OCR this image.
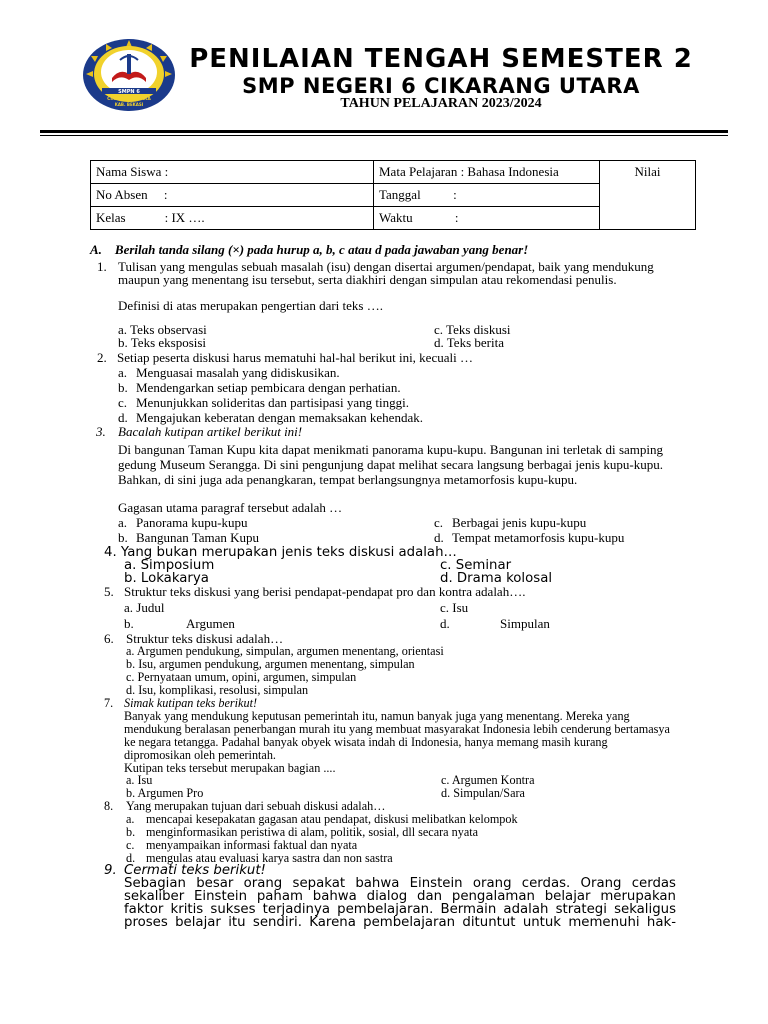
SMPN 6
CIKARANG UTARA
KAB. BEKASI
PENILAIAN TENGAH SEMESTER 2
SMP NEGERI 6 CIKARANG UTARA
TAHUN PELAJARAN 2023/2024
Nama Siswa :	Mata Pelajaran : Bahasa Indonesia	Nilai
No Absen     :	Tanggal          :	
Kelas            : IX ….	Waktu             :	
A.    Berilah tanda silang (×) pada hurup a, b, c atau d pada jawaban yang benar!
1. Tulisan yang mengulas sebuah masalah (isu) dengan disertai argumen/pendapat, baik yang mendukung maupun yang menentang isu tersebut, serta diakhiri dengan simpulan atau rekomendasi penulis.
Definisi di atas merupakan pengertian dari teks ….
a. Teks observasi
b. Teks eksposisi
c. Teks diskusi
d. Teks berita
2. Setiap peserta diskusi harus mematuhi hal-hal berikut ini, kecuali …
a. Menguasai masalah yang didiskusikan.
b. Mendengarkan setiap pembicara dengan perhatian.
c. Menunjukkan solideritas dan partisipasi yang tinggi.
d. Mengajukan keberatan dengan memaksakan kehendak.
3. Bacalah kutipan artikel berikut ini!
Di bangunan Taman Kupu kita dapat menikmati panorama kupu-kupu. Bangunan ini terletak di samping gedung Museum Serangga. Di sini pengunjung dapat melihat secara langsung berbagai jenis kupu-kupu. Bahkan, di sini juga ada penangkaran, tempat berlangsungnya metamorfosis kupu-kupu.
Gagasan utama paragraf tersebut adalah …
a. Panorama kupu-kupu
b. Bangunan Taman Kupu
c. Berbagai jenis kupu-kupu
d. Tempat metamorfosis kupu-kupu
4. Yang bukan merupakan jenis teks diskusi adalah…
a. Simposium
b. Lokakarya
c. Seminar
d. Drama kolosal
5. Struktur teks diskusi yang berisi pendapat-pendapat pro dan kontra adalah….
a. Judul
b.	Argumen
c. Isu
d.	Simpulan
6. Struktur teks diskusi adalah…
a. Argumen pendukung, simpulan, argumen menentang, orientasi
b. Isu, argumen pendukung, argumen menentang, simpulan
c. Pernyataan umum, opini, argumen, simpulan
d. Isu, komplikasi, resolusi, simpulan
7. Simak kutipan teks berikut!
Banyak yang mendukung keputusan pemerintah itu, namun banyak juga yang menentang. Mereka yang mendukung beralasan penerbangan murah itu yang membuat masyarakat Indonesia lebih cenderung bertamasya ke negara tetangga. Padahal banyak obyek wisata indah di Indonesia, hanya memang masih kurang dipromosikan oleh pemerintah.
Kutipan teks tersebut merupakan bagian ....
a. Isu
b. Argumen Pro
c. Argumen Kontra
d. Simpulan/Sara
8. Yang merupakan tujuan dari sebuah diskusi adalah…
a. mencapai kesepakatan gagasan atau pendapat, diskusi melibatkan kelompok
b. menginformasikan peristiwa di alam, politik, sosial, dll secara nyata
c. menyampaikan informasi faktual dan nyata
d. mengulas atau evaluasi karya sastra dan non sastra
9. Cermati teks berikut!
Sebagian besar orang sepakat bahwa Einstein orang cerdas. Orang cerdas
sekaliber Einstein paham bahwa dialog dan pengalaman belajar merupakan
faktor kritis sukses terjadinya pembelajaran. Bermain adalah strategi sekaligus
proses belajar itu sendiri. Karena pembelajaran dituntut untuk memenuhi hak-
